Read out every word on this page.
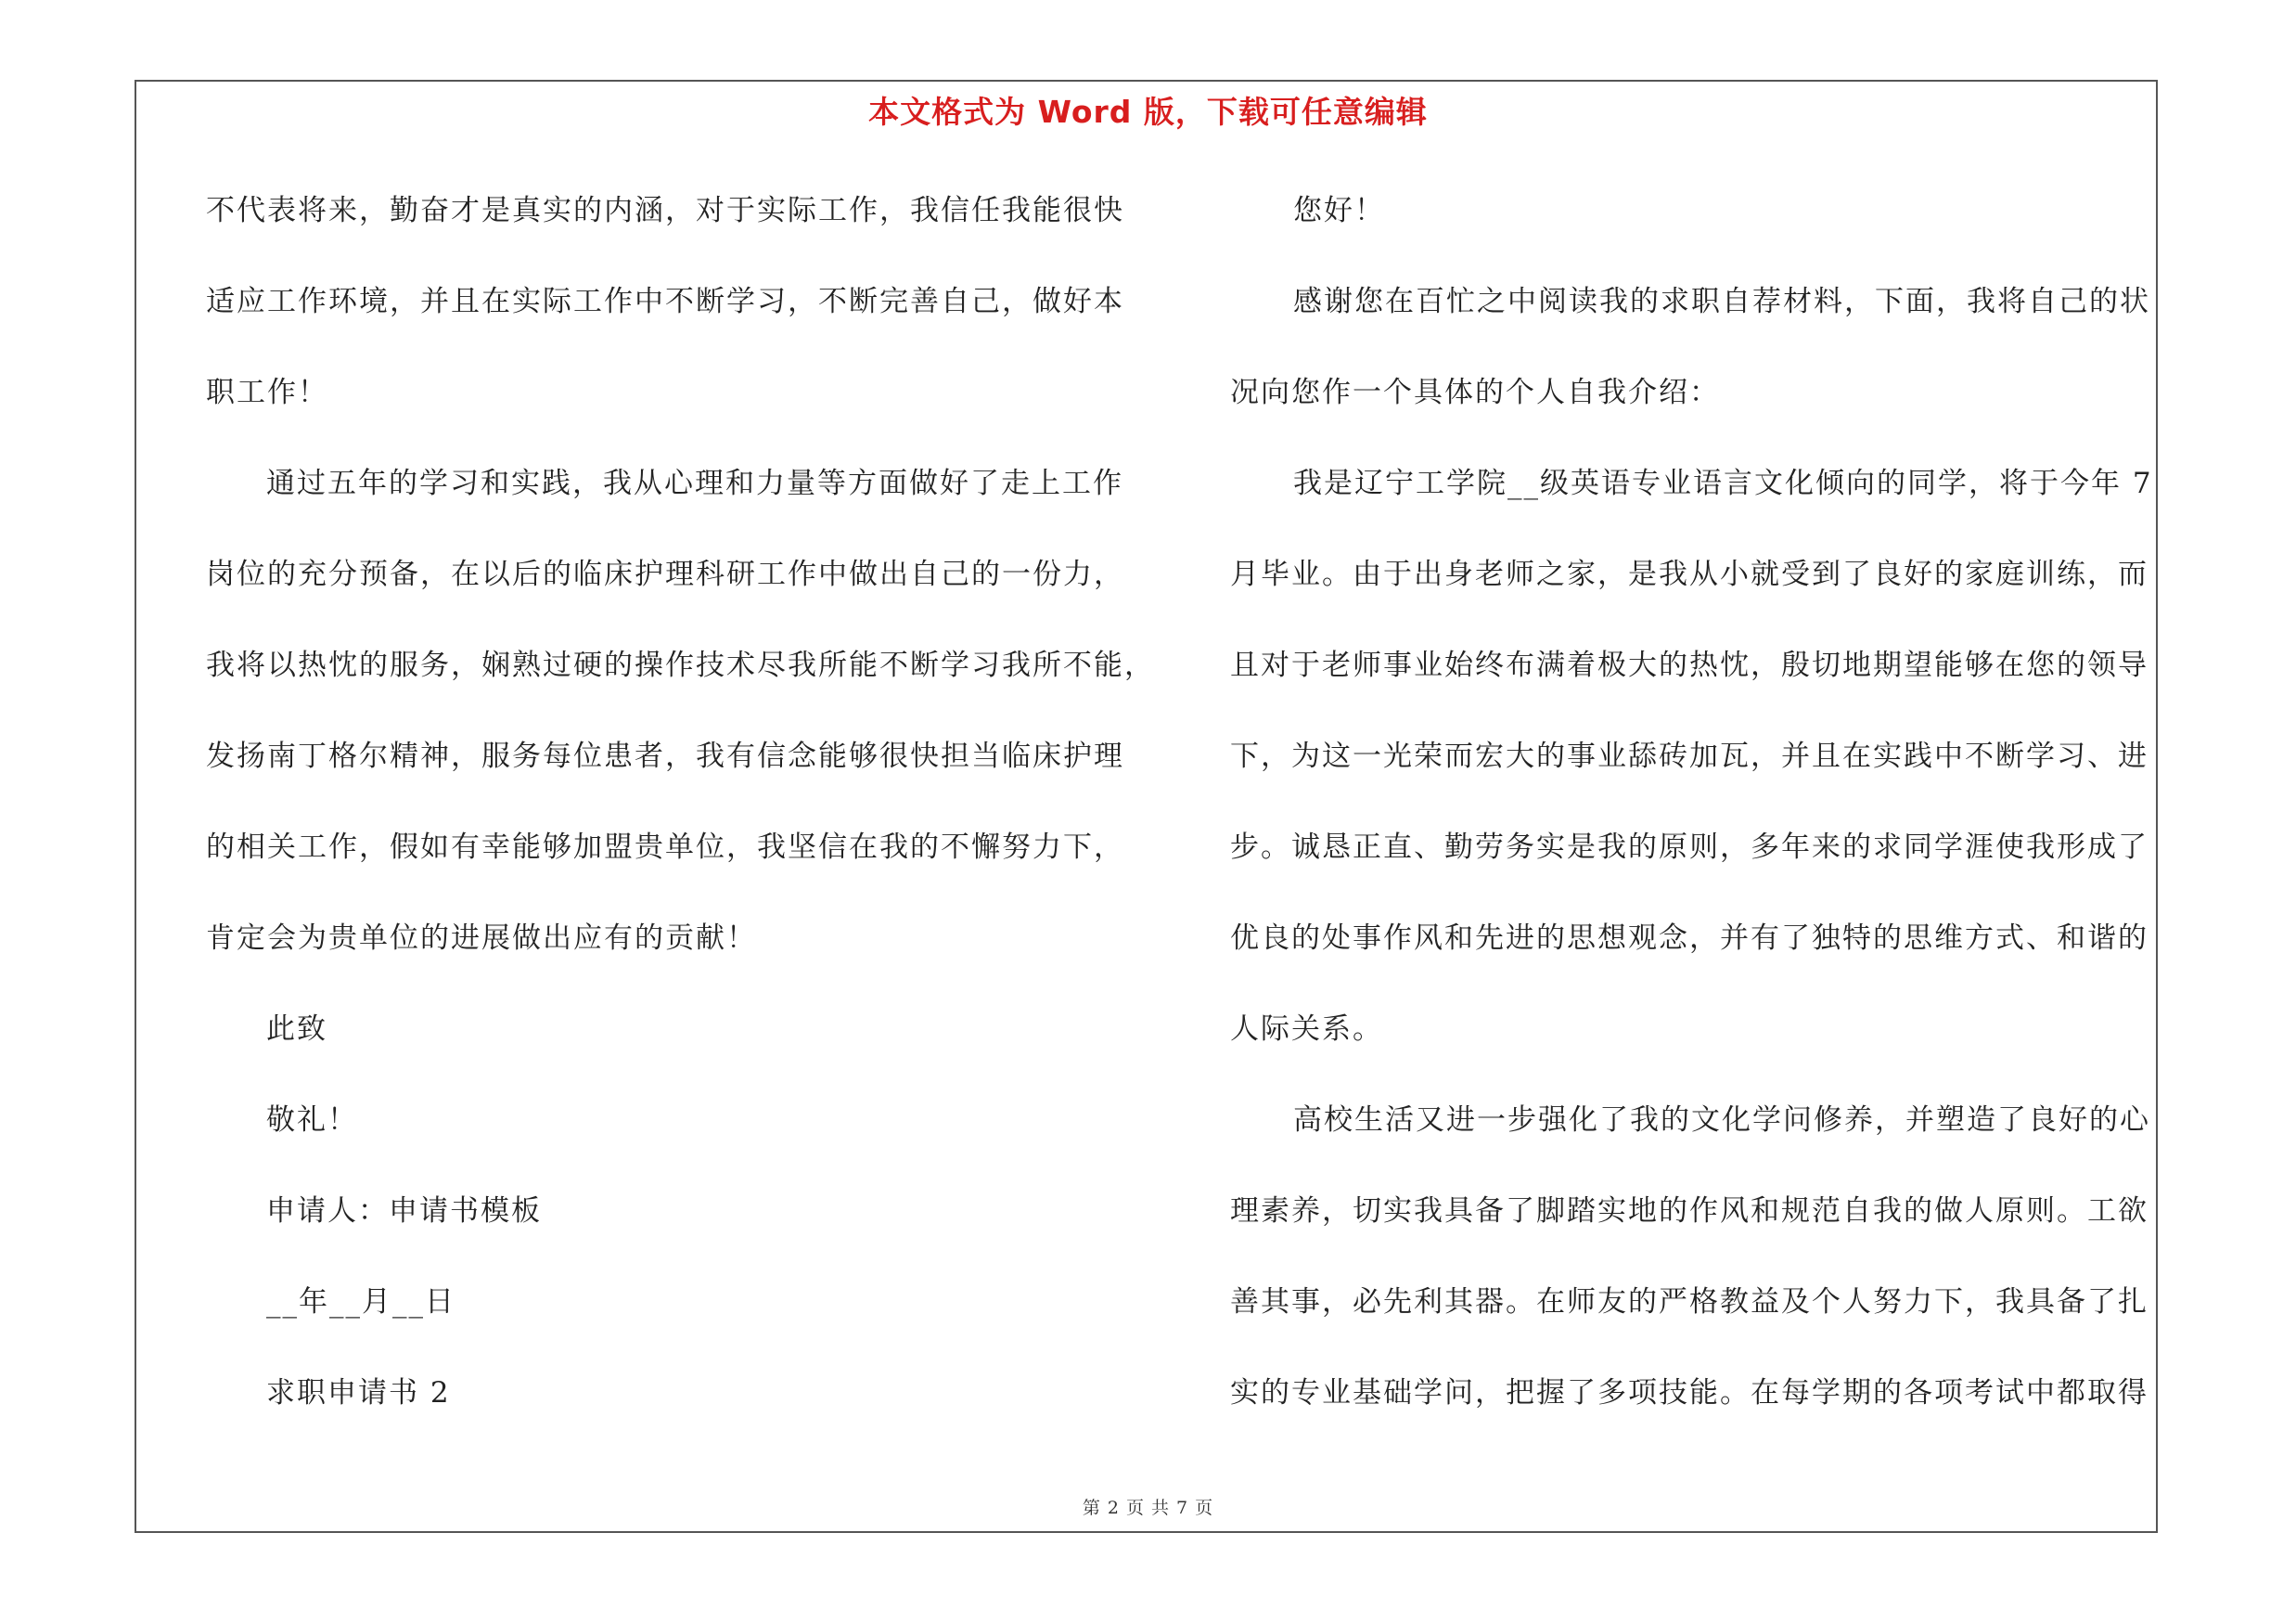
本文格式为 Word 版，下载可任意编辑
不代表将来，勤奋才是真实的内涵，对于实际工作，我信任我能很快
适应工作环境，并且在实际工作中不断学习，不断完善自己，做好本
职工作！
通过五年的学习和实践，我从心理和力量等方面做好了走上工作
岗位的充分预备，在以后的临床护理科研工作中做出自己的一份力，
我将以热忱的服务，娴熟过硬的操作技术尽我所能不断学习我所不能，
发扬南丁格尔精神，服务每位患者，我有信念能够很快担当临床护理
的相关工作，假如有幸能够加盟贵单位，我坚信在我的不懈努力下，
肯定会为贵单位的进展做出应有的贡献！
此致
敬礼！
申请人：申请书模板
__年__月__日
求职申请书 2
您好！
感谢您在百忙之中阅读我的求职自荐材料，下面，我将自己的状
况向您作一个具体的个人自我介绍：
我是辽宁工学院__级英语专业语言文化倾向的同学，将于今年 7
月毕业。由于出身老师之家，是我从小就受到了良好的家庭训练，而
且对于老师事业始终布满着极大的热忱，殷切地期望能够在您的领导
下，为这一光荣而宏大的事业舔砖加瓦，并且在实践中不断学习、进
步。诚恳正直、勤劳务实是我的原则，多年来的求同学涯使我形成了
优良的处事作风和先进的思想观念，并有了独特的思维方式、和谐的
人际关系。
高校生活又进一步强化了我的文化学问修养，并塑造了良好的心
理素养，切实我具备了脚踏实地的作风和规范自我的做人原则。工欲
善其事，必先利其器。在师友的严格教益及个人努力下，我具备了扎
实的专业基础学问，把握了多项技能。在每学期的各项考试中都取得
第 2 页 共 7 页
